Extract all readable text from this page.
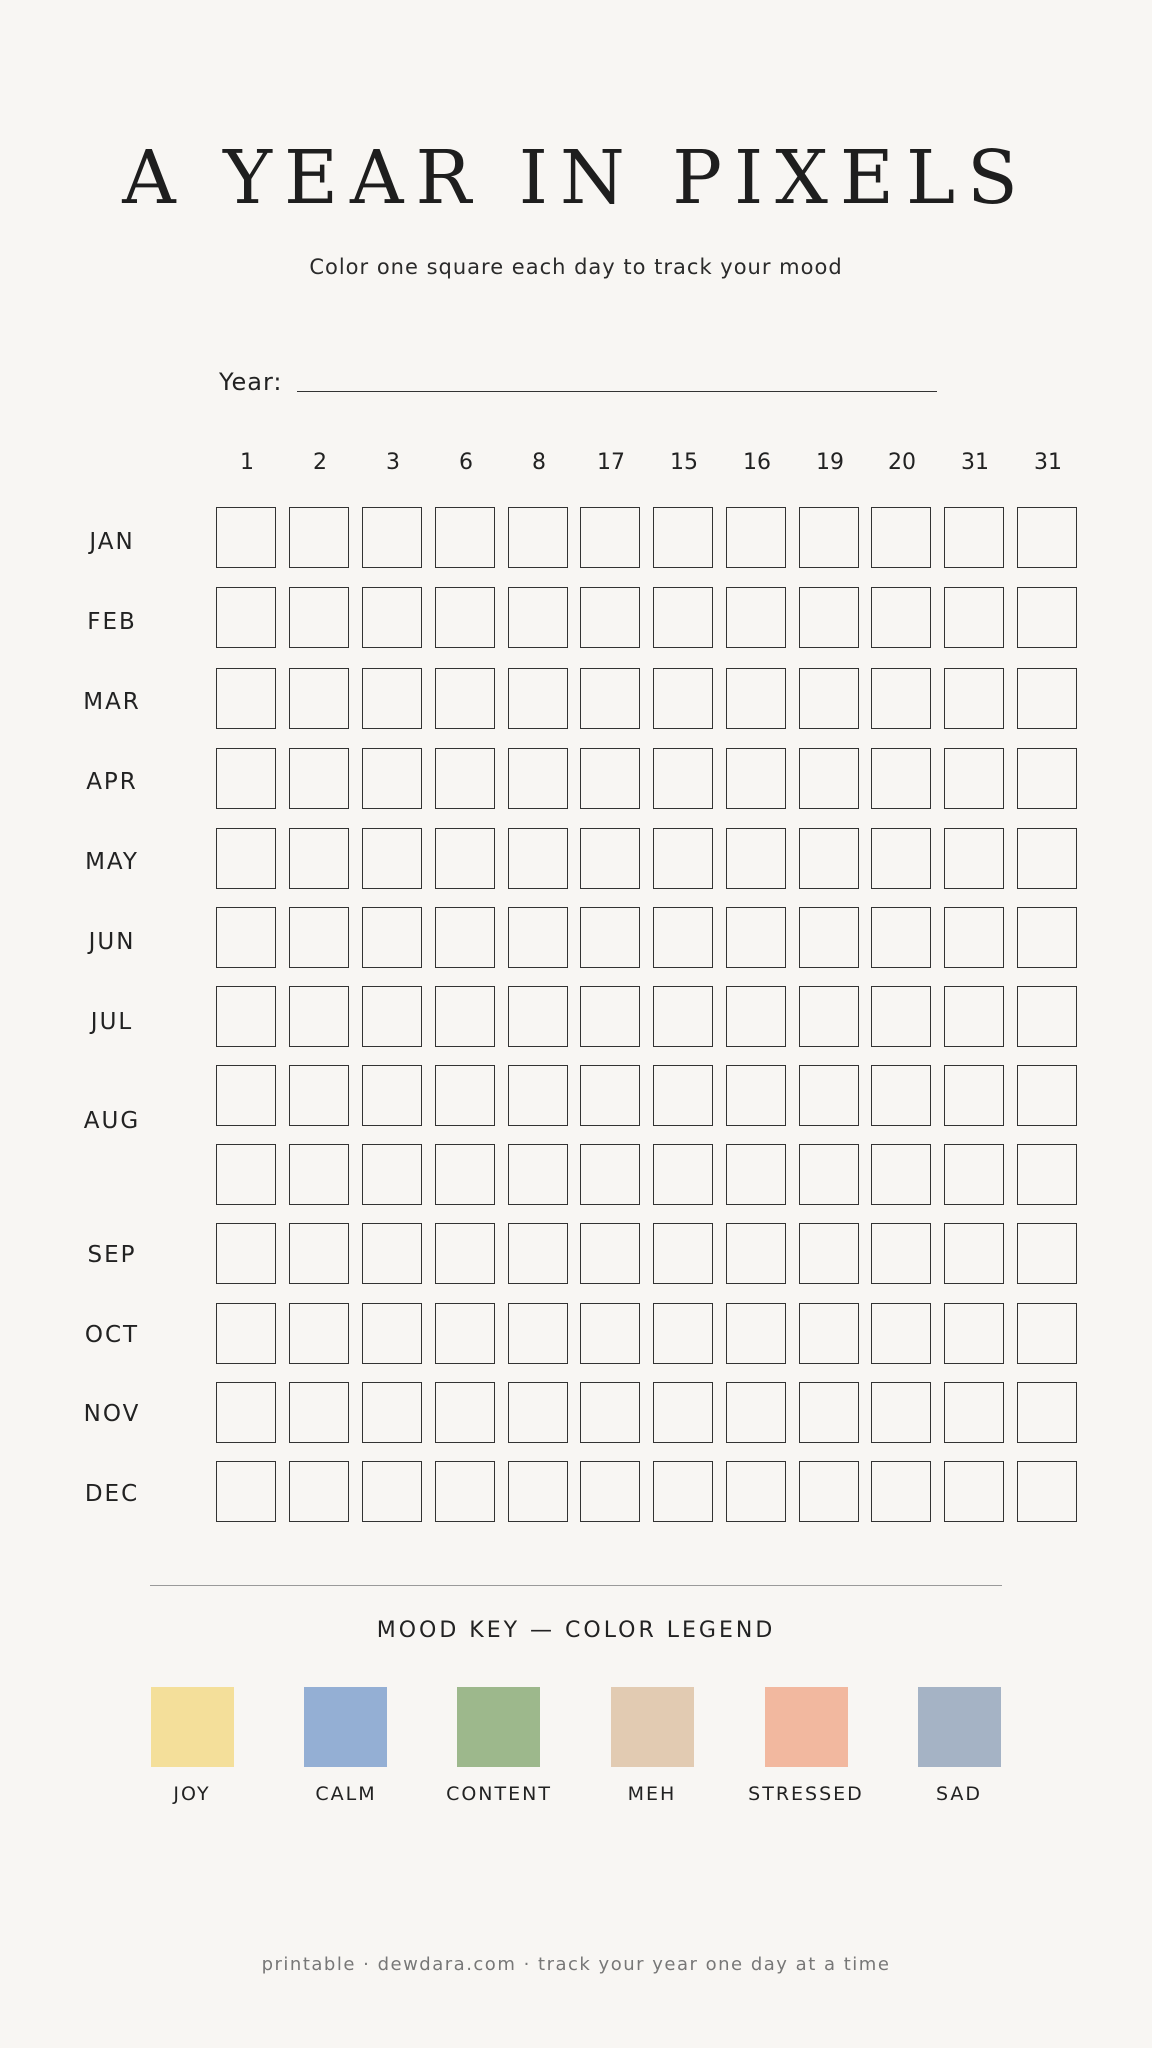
A YEAR IN PIXELS
Color one square each day to track your mood
Year:
1	2	3	6	8	17	15	16	19	20	31	31
JAN
FEB
MAR
APR
MAY
JUN
JUL
AUG
SEP
OCT
NOV
DEC
MOOD KEY — COLOR LEGEND
JOY	CALM	CONTENT	MEH	STRESSED	SAD
printable · dewdara.com · track your year one day at a time
